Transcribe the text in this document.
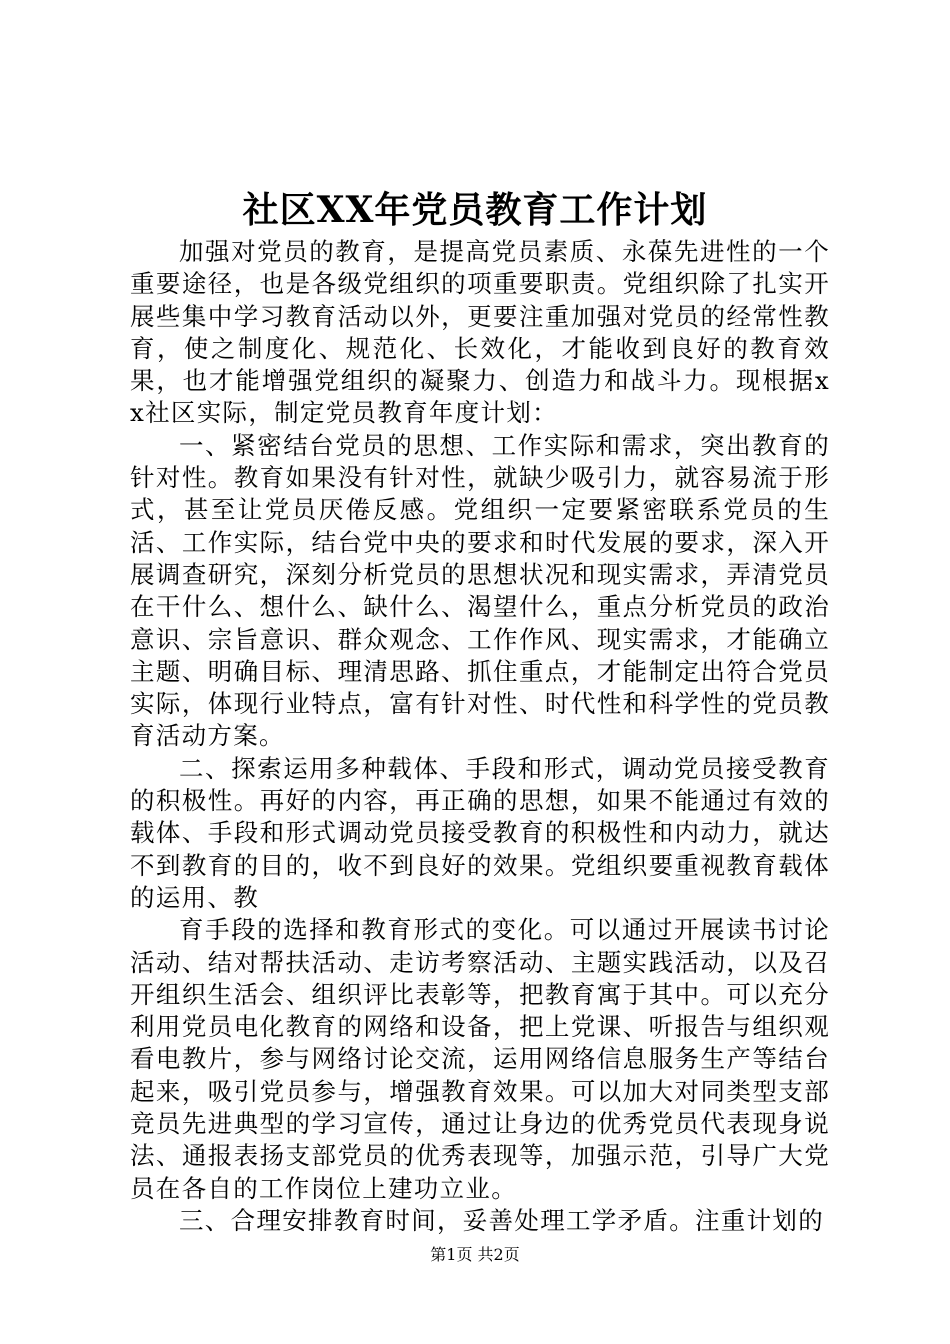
社区XX年党员教育工作计划

加强对党员的教育，是提高党员素质、永葆先进性的一个重要途径，也是各级党组织的项重要职责。党组织除了扎实开展些集中学习教育活动以外，更要注重加强对党员的经常性教育，使之制度化、规范化、长效化，才能收到良好的教育效果，也才能增强党组织的凝聚力、创造力和战斗力。现根据xx社区实际，制定党员教育年度计划：

一、紧密结台党员的思想、工作实际和需求，突出教育的针对性。教育如果没有针对性，就缺少吸引力，就容易流于形式，甚至让党员厌倦反感。党组织一定要紧密联系党员的生活、工作实际，结台党中央的要求和时代发展的要求，深入开展调查研究，深刻分析党员的思想状况和现实需求，弄清党员在干什么、想什么、缺什么、渴望什么，重点分析党员的政治意识、宗旨意识、群众观念、工作作风、现实需求，才能确立主题、明确目标、理清思路、抓住重点，才能制定出符合党员实际，体现行业特点，富有针对性、时代性和科学性的党员教育活动方案。

二、探索运用多种载体、手段和形式，调动党员接受教育的积极性。再好的内容，再正确的思想，如果不能通过有效的载体、手段和形式调动党员接受教育的积极性和内动力，就达不到教育的目的，收不到良好的效果。党组织要重视教育载体的运用、教

育手段的选择和教育形式的变化。可以通过开展读书讨论活动、结对帮扶活动、走访考察活动、主题实践活动，以及召开组织生活会、组织评比表彰等，把教育寓于其中。可以充分利用党员电化教育的网络和设备，把上党课、听报告与组织观看电教片，参与网络讨论交流，运用网络信息服务生产等结台起来，吸引党员参与，增强教育效果。可以加大对同类型支部竞员先进典型的学习宣传，通过让身边的优秀党员代表现身说法、通报表扬支部党员的优秀表现等，加强示范，引导广大党员在各自的工作岗位上建功立业。

三、合理安排教育时间，妥善处理工学矛盾。注重计划的

第1页 共2页
